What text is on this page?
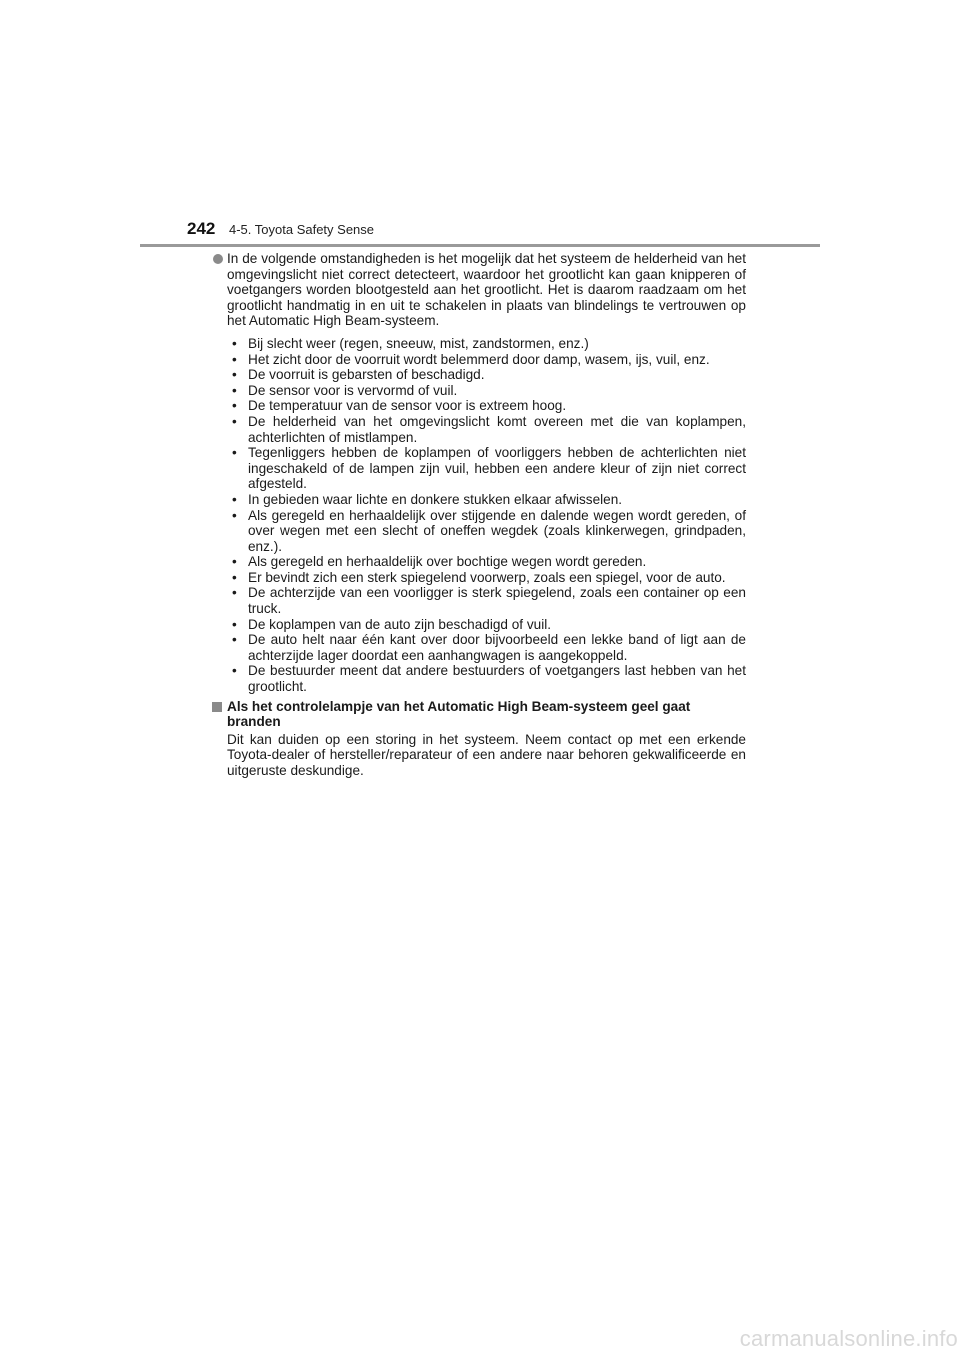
242	4-5. Toyota Safety Sense
In de volgende omstandigheden is het mogelijk dat het systeem de helderheid van het omgevingslicht niet correct detecteert, waardoor het grootlicht kan gaan knipperen of voetgangers worden blootgesteld aan het grootlicht. Het is daarom raadzaam om het grootlicht handmatig in en uit te schakelen in plaats van blindelings te vertrouwen op het Automatic High Beam-systeem.
• Bij slecht weer (regen, sneeuw, mist, zandstormen, enz.)
• Het zicht door de voorruit wordt belemmerd door damp, wasem, ijs, vuil, enz.
• De voorruit is gebarsten of beschadigd.
• De sensor voor is vervormd of vuil.
• De temperatuur van de sensor voor is extreem hoog.
• De helderheid van het omgevingslicht komt overeen met die van koplampen, achterlichten of mistlampen.
• Tegenliggers hebben de koplampen of voorliggers hebben de achterlichten niet ingeschakeld of de lampen zijn vuil, hebben een andere kleur of zijn niet correct afgesteld.
• In gebieden waar lichte en donkere stukken elkaar afwisselen.
• Als geregeld en herhaaldelijk over stijgende en dalende wegen wordt gereden, of over wegen met een slecht of oneffen wegdek (zoals klinkerwegen, grindpaden, enz.).
• Als geregeld en herhaaldelijk over bochtige wegen wordt gereden.
• Er bevindt zich een sterk spiegelend voorwerp, zoals een spiegel, voor de auto.
• De achterzijde van een voorligger is sterk spiegelend, zoals een container op een truck.
• De koplampen van de auto zijn beschadigd of vuil.
• De auto helt naar één kant over door bijvoorbeeld een lekke band of ligt aan de achterzijde lager doordat een aanhangwagen is aangekoppeld.
• De bestuurder meent dat andere bestuurders of voetgangers last hebben van het grootlicht.
Als het controlelampje van het Automatic High Beam-systeem geel gaat branden
Dit kan duiden op een storing in het systeem. Neem contact op met een erkende Toyota-dealer of hersteller/reparateur of een andere naar behoren gekwalificeerde en uitgeruste deskundige.
carmanualsonline.info
